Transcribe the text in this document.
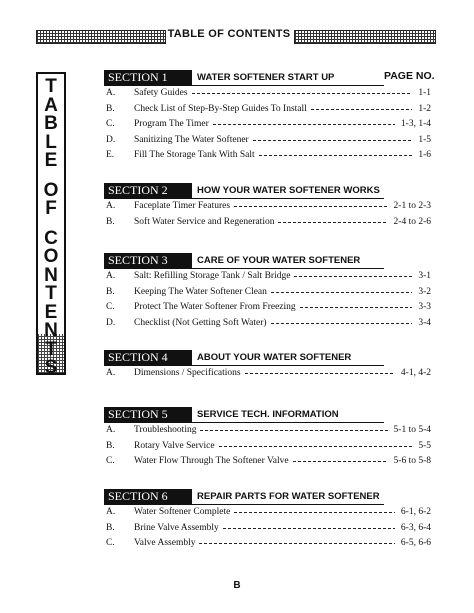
TABLE OF CONTENTS
T
A
B
L
E
O
F
C
O
N
T
E
N
T
S
PAGE NO.
SECTION 1	WATER SOFTENER START UP
A. Safety Guides	1-1
B. Check List of Step-By-Step Guides To Install	1-2
C. Program The Timer	1-3, 1-4
D. Sanitizing The Water Softener	1-5
E. Fill The Storage Tank With Salt	1-6
SECTION 2	HOW YOUR WATER SOFTENER WORKS
A. Faceplate Timer Features	2-1 to 2-3
B. Soft Water Service and Regeneration	2-4 to 2-6
SECTION 3	CARE OF YOUR WATER SOFTENER
A. Salt: Refilling Storage Tank / Salt Bridge	3-1
B. Keeping The Water Softener Clean	3-2
C. Protect The Water Softener From Freezing	3-3
D. Checklist (Not Getting Soft Water)	3-4
SECTION 4	ABOUT YOUR WATER SOFTENER
A. Dimensions / Specifications	4-1, 4-2
SECTION 5	SERVICE TECH. INFORMATION
A. Troubleshooting	5-1 to 5-4
B. Rotary Valve Service	5-5
C. Water Flow Through The Softener Valve	5-6 to 5-8
SECTION 6	REPAIR PARTS FOR WATER SOFTENER
A. Water Softener Complete	6-1, 6-2
B. Brine Valve Assembly	6-3, 6-4
C. Valve Assembly	6-5, 6-6
B
